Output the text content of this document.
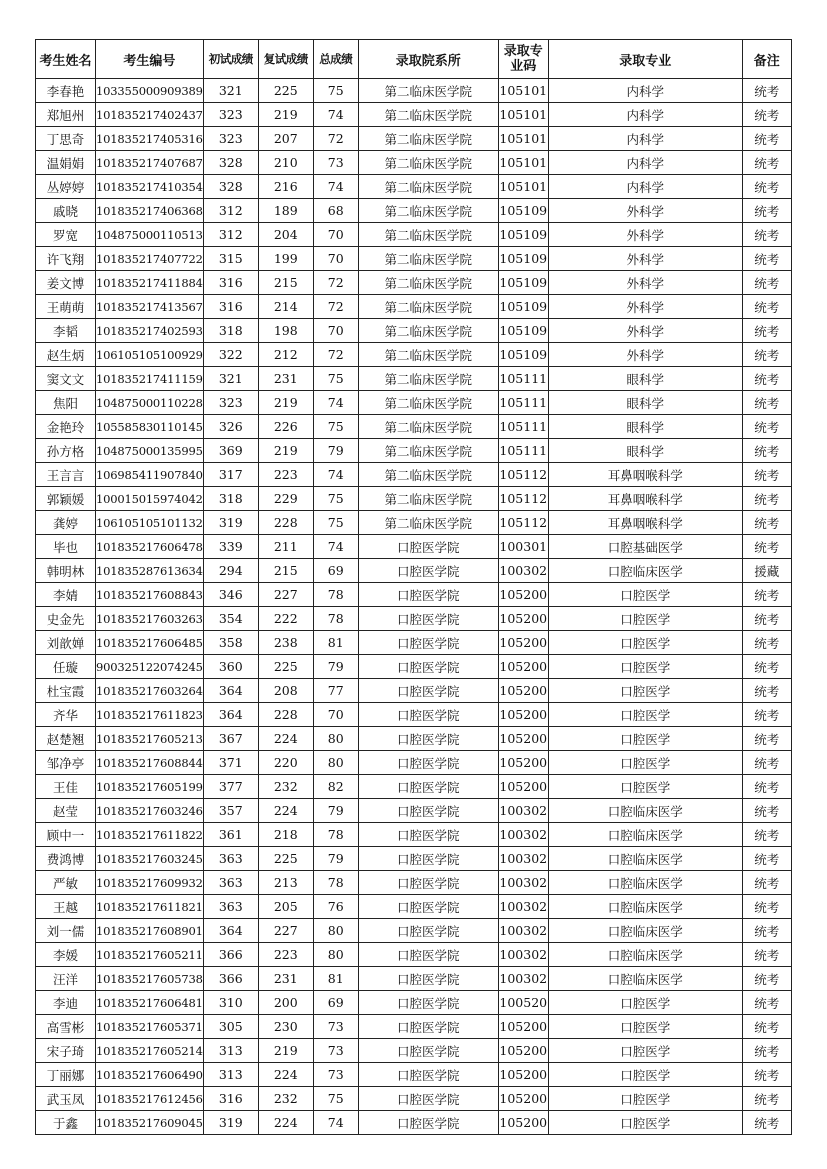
考生姓名	考生编号	初试成绩	复试成绩	总成绩	录取院系所	录取专业码	录取专业	备注
李春艳	103355000909389	321	225	75	第二临床医学院	105101	内科学	统考
郑旭州	101835217402437	323	219	74	第二临床医学院	105101	内科学	统考
丁思奇	101835217405316	323	207	72	第二临床医学院	105101	内科学	统考
温娟娟	101835217407687	328	210	73	第二临床医学院	105101	内科学	统考
丛婷婷	101835217410354	328	216	74	第二临床医学院	105101	内科学	统考
戚晓	101835217406368	312	189	68	第二临床医学院	105109	外科学	统考
罗宽	104875000110513	312	204	70	第二临床医学院	105109	外科学	统考
许飞翔	101835217407722	315	199	70	第二临床医学院	105109	外科学	统考
姜文博	101835217411884	316	215	72	第二临床医学院	105109	外科学	统考
王萌萌	101835217413567	316	214	72	第二临床医学院	105109	外科学	统考
李韬	101835217402593	318	198	70	第二临床医学院	105109	外科学	统考
赵生炳	106105105100929	322	212	72	第二临床医学院	105109	外科学	统考
窦文文	101835217411159	321	231	75	第二临床医学院	105111	眼科学	统考
焦阳	104875000110228	323	219	74	第二临床医学院	105111	眼科学	统考
金艳玲	105585830110145	326	226	75	第二临床医学院	105111	眼科学	统考
孙方格	104875000135995	369	219	79	第二临床医学院	105111	眼科学	统考
王言言	106985411907840	317	223	74	第二临床医学院	105112	耳鼻咽喉科学	统考
郭颖媛	100015015974042	318	229	75	第二临床医学院	105112	耳鼻咽喉科学	统考
龚婷	106105105101132	319	228	75	第二临床医学院	105112	耳鼻咽喉科学	统考
毕也	101835217606478	339	211	74	口腔医学院	100301	口腔基础医学	统考
韩明林	101835287613634	294	215	69	口腔医学院	100302	口腔临床医学	援藏
李婧	101835217608843	346	227	78	口腔医学院	105200	口腔医学	统考
史金先	101835217603263	354	222	78	口腔医学院	105200	口腔医学	统考
刘歆婵	101835217606485	358	238	81	口腔医学院	105200	口腔医学	统考
任璇	900325122074245	360	225	79	口腔医学院	105200	口腔医学	统考
杜宝霞	101835217603264	364	208	77	口腔医学院	105200	口腔医学	统考
齐华	101835217611823	364	228	70	口腔医学院	105200	口腔医学	统考
赵楚翘	101835217605213	367	224	80	口腔医学院	105200	口腔医学	统考
邹净亭	101835217608844	371	220	80	口腔医学院	105200	口腔医学	统考
王佳	101835217605199	377	232	82	口腔医学院	105200	口腔医学	统考
赵莹	101835217603246	357	224	79	口腔医学院	100302	口腔临床医学	统考
顾中一	101835217611822	361	218	78	口腔医学院	100302	口腔临床医学	统考
费鸿博	101835217603245	363	225	79	口腔医学院	100302	口腔临床医学	统考
严敏	101835217609932	363	213	78	口腔医学院	100302	口腔临床医学	统考
王越	101835217611821	363	205	76	口腔医学院	100302	口腔临床医学	统考
刘一儒	101835217608901	364	227	80	口腔医学院	100302	口腔临床医学	统考
李媛	101835217605211	366	223	80	口腔医学院	100302	口腔临床医学	统考
汪洋	101835217605738	366	231	81	口腔医学院	100302	口腔临床医学	统考
李迪	101835217606481	310	200	69	口腔医学院	100520	口腔医学	统考
高雪彬	101835217605371	305	230	73	口腔医学院	105200	口腔医学	统考
宋子琦	101835217605214	313	219	73	口腔医学院	105200	口腔医学	统考
丁丽娜	101835217606490	313	224	73	口腔医学院	105200	口腔医学	统考
武玉凤	101835217612456	316	232	75	口腔医学院	105200	口腔医学	统考
于鑫	101835217609045	319	224	74	口腔医学院	105200	口腔医学	统考
